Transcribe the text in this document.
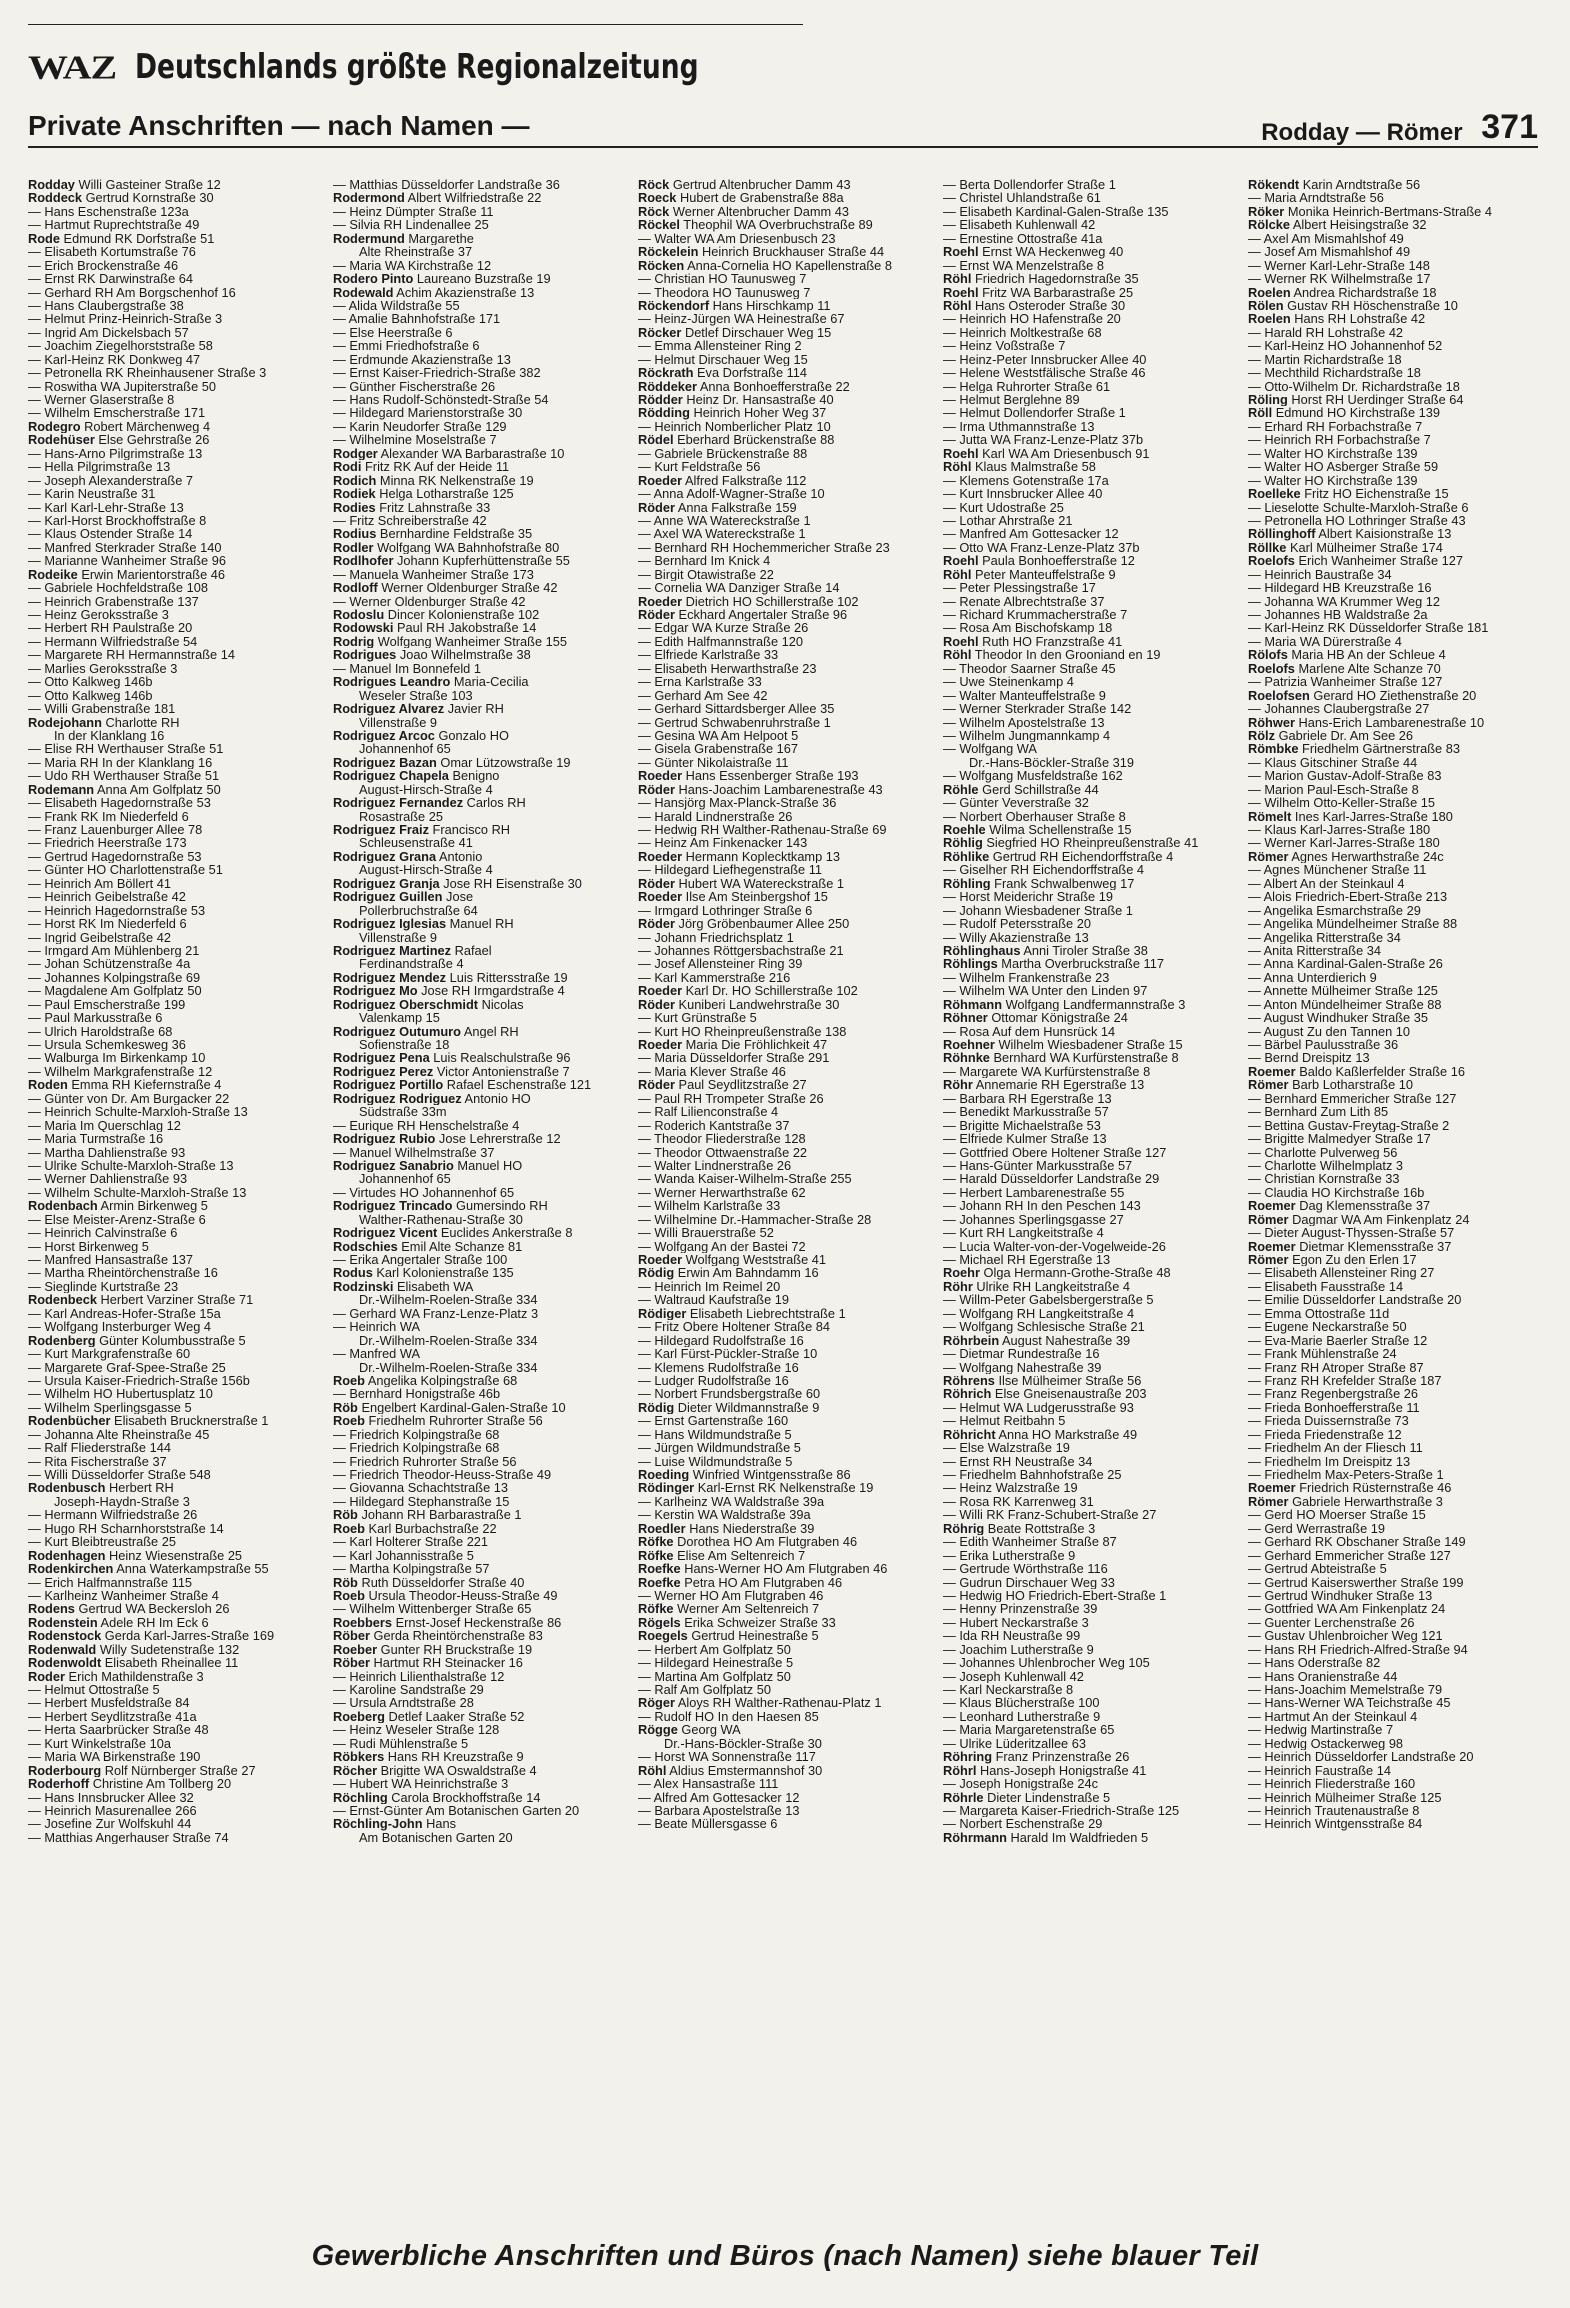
WAZ Deutschlands größte Regionalzeitung
Private Anschriften — nach Namen —	Rodday — Römer 371
Rodday Willi Gasteiner Straße 12
Roddeck Gertrud Kornstraße 30
— Hans Eschenstraße 123a
— Hartmut Ruprechtstraße 49
Rode Edmund RK Dorfstraße 51
— Elisabeth Kortumstraße 76
— Erich Brockenstraße 46
— Ernst RK Darwinstraße 64
— Gerhard RH Am Borgschenhof 16
— Hans Claubergstraße 38
— Helmut Prinz-Heinrich-Straße 3
— Ingrid Am Dickelsbach 57
— Joachim Ziegelhorststraße 58
— Karl-Heinz RK Donkweg 47
— Petronella RK Rheinhausener Straße 3
— Roswitha WA Jupiterstraße 50
— Werner Glaserstraße 8
— Wilhelm Emscherstraße 171
Rodegro Robert Märchenweg 4
Rodehüser Else Gehrstraße 26
— Hans-Arno Pilgrimstraße 13
— Hella Pilgrimstraße 13
— Joseph Alexanderstraße 7
— Karin Neustraße 31
— Karl Karl-Lehr-Straße 13
— Karl-Horst Brockhoffstraße 8
— Klaus Ostender Straße 14
— Manfred Sterkrader Straße 140
— Marianne Wanheimer Straße 96
Rodeike Erwin Marientorstraße 46
— Gabriele Hochfeldstraße 108
— Heinrich Grabenstraße 137
— Heinz Geroksstraße 3
— Herbert RH Paulstraße 20
— Hermann Wilfriedstraße 54
— Margarete RH Hermannstraße 14
— Marlies Geroksstraße 3
— Otto Kalkweg 146b
— Otto Kalkweg 146b
— Willi Grabenstraße 181
Rodejohann Charlotte RH
In der Klanklang 16
— Elise RH Werthauser Straße 51
— Maria RH In der Klanklang 16
— Udo RH Werthauser Straße 51
Rodemann Anna Am Golfplatz 50
— Elisabeth Hagedornstraße 53
— Frank RK Im Niederfeld 6
— Franz Lauenburger Allee 78
— Friedrich Heerstraße 173
— Gertrud Hagedornstraße 53
— Günter HO Charlottenstraße 51
— Heinrich Am Böllert 41
— Heinrich Geibelstraße 42
— Heinrich Hagedornstraße 53
— Horst RK Im Niederfeld 6
— Ingrid Geibelstraße 42
— Irmgard Am Mühlenberg 21
— Johan Schützenstraße 4a
— Johannes Kolpingstraße 69
— Magdalene Am Golfplatz 50
— Paul Emscherstraße 199
— Paul Markusstraße 6
— Ulrich Haroldstraße 68
— Ursula Schemkesweg 36
— Walburga Im Birkenkamp 10
— Wilhelm Markgrafenstraße 12
Roden Emma RH Kiefernstraße 4
— Günter von Dr. Am Burgacker 22
— Heinrich Schulte-Marxloh-Straße 13
— Maria Im Querschlag 12
— Maria Turmstraße 16
— Martha Dahlienstraße 93
— Ulrike Schulte-Marxloh-Straße 13
— Werner Dahlienstraße 93
— Wilhelm Schulte-Marxloh-Straße 13
Rodenbach Armin Birkenweg 5
— Else Meister-Arenz-Straße 6
— Heinrich Calvinstraße 6
— Horst Birkenweg 5
— Manfred Hansastraße 137
— Martha Rheintörchenstraße 16
— Sieglinde Kurtstraße 23
Rodenbeck Herbert Varziner Straße 71
— Karl Andreas-Hofer-Straße 15a
— Wolfgang Insterburger Weg 4
Rodenberg Günter Kolumbusstraße 5
— Kurt Markgrafenstraße 60
— Margarete Graf-Spee-Straße 25
— Ursula Kaiser-Friedrich-Straße 156b
— Wilhelm HO Hubertusplatz 10
— Wilhelm Sperlingsgasse 5
Rodenbücher Elisabeth Brucknerstraße 1
— Johanna Alte Rheinstraße 45
— Ralf Fliederstraße 144
— Rita Fischerstraße 37
— Willi Düsseldorfer Straße 548
Rodenbusch Herbert RH
Joseph-Haydn-Straße 3
— Hermann Wilfriedstraße 26
— Hugo RH Scharnhorststraße 14
— Kurt Bleibtreustraße 25
Rodenhagen Heinz Wiesenstraße 25
Rodenkirchen Anna Waterkampstraße 55
— Erich Halfmannstraße 115
— Karlheinz Wanheimer Straße 4
Rodens Gertrud WA Beckersloh 26
Rodenstein Adele RH Im Eck 6
Rodenstock Gerda Karl-Jarres-Straße 169
Rodenwald Willy Sudetenstraße 132
Rodenwoldt Elisabeth Rheinallee 11
Roder Erich Mathildenstraße 3
— Helmut Ottostraße 5
— Herbert Musfeldstraße 84
— Herbert Seydlitzstraße 41a
— Herta Saarbrücker Straße 48
— Kurt Winkelstraße 10a
— Maria WA Birkenstraße 190
Roderbourg Rolf Nürnberger Straße 27
Roderhoff Christine Am Tollberg 20
— Hans Innsbrucker Allee 32
— Heinrich Masurenallee 266
— Josefine Zur Wolfskuhl 44
— Matthias Angerhauser Straße 74
— Matthias Düsseldorfer Landstraße 36
Rodermond Albert Wilfriedstraße 22
— Heinz Dümpter Straße 11
— Silvia RH Lindenallee 25
Rodermund Margarethe
Alte Rheinstraße 37
— Maria WA Kirchstraße 12
Rodero Pinto Laureano Buzstraße 19
Rodewald Achim Akazienstraße 13
— Alida Wildstraße 55
— Amalie Bahnhofstraße 171
— Else Heerstraße 6
— Emmi Friedhofstraße 6
— Erdmunde Akazienstraße 13
— Ernst Kaiser-Friedrich-Straße 382
— Günther Fischerstraße 26
— Hans Rudolf-Schönstedt-Straße 54
— Hildegard Marienstorstraße 30
— Karin Neudorfer Straße 129
— Wilhelmine Moselstraße 7
Rodger Alexander WA Barbarastraße 10
Rodi Fritz RK Auf der Heide 11
Rodich Minna RK Nelkenstraße 19
Rodiek Helga Lotharstraße 125
Rodies Fritz Lahnstraße 33
— Fritz Schreiberstraße 42
Rodius Bernhardine Feldstraße 35
Rodler Wolfgang WA Bahnhofstraße 80
Rodlhofer Johann Kupferhüttenstraße 55
— Manuela Wanheimer Straße 173
Rodloff Werner Oldenburger Straße 42
— Werner Oldenburger Straße 42
Rodoslu Dincer Kolonienstraße 102
Rodowski Paul RH Jakobstraße 14
Rodrig Wolfgang Wanheimer Straße 155
Rodrigues Joao Wilhelmstraße 38
— Manuel Im Bonnefeld 1
Rodrigues Leandro Maria-Cecilia
Weseler Straße 103
Rodriguez Alvarez Javier RH
Villenstraße 9
Rodriguez Arcoc Gonzalo HO
Johannenhof 65
Rodriguez Bazan Omar Lützowstraße 19
Rodriguez Chapela Benigno
August-Hirsch-Straße 4
Rodriguez Fernandez Carlos RH
Rosastraße 25
Rodriguez Fraiz Francisco RH
Schleusenstraße 41
Rodriguez Grana Antonio
August-Hirsch-Straße 4
Rodriguez Granja Jose RH Eisenstraße 30
Rodriguez Guillen Jose
Pollerbruchstraße 64
Rodriguez Iglesias Manuel RH
Villenstraße 9
Rodriguez Martinez Rafael
Ferdinandstraße 4
Rodriguez Mendez Luis Rittersstraße 19
Rodriguez Mo Jose RH Irmgardstraße 4
Rodriguez Oberschmidt Nicolas
Valenkamp 15
Rodriguez Outumuro Angel RH
Sofienstraße 18
Rodriguez Pena Luis Realschulstraße 96
Rodriguez Perez Victor Antonienstraße 7
Rodriguez Portillo Rafael Eschenstraße 121
Rodriguez Rodriguez Antonio HO
Südstraße 33m
— Eurique RH Henschelstraße 4
Rodriguez Rubio Jose Lehrerstraße 12
— Manuel Wilhelmstraße 37
Rodriguez Sanabrio Manuel HO
Johannenhof 65
— Virtudes HO Johannenhof 65
Rodriguez Trincado Gumersindo RH
Walther-Rathenau-Straße 30
Rodriguez Vicent Euclides Ankerstraße 8
Rodschies Emil Alte Schanze 81
— Erika Angertaler Straße 100
Rodus Karl Kolonienstraße 135
Rodzinski Elisabeth WA
Dr.-Wilhelm-Roelen-Straße 334
— Gerhard WA Franz-Lenze-Platz 3
— Heinrich WA
Dr.-Wilhelm-Roelen-Straße 334
— Manfred WA
Dr.-Wilhelm-Roelen-Straße 334
Roeb Angelika Kolpingstraße 68
— Bernhard Honigstraße 46b
Röb Engelbert Kardinal-Galen-Straße 10
Roeb Friedhelm Ruhrorter Straße 56
— Friedrich Kolpingstraße 68
— Friedrich Kolpingstraße 68
— Friedrich Ruhrorter Straße 56
— Friedrich Theodor-Heuss-Straße 49
— Giovanna Schachtstraße 13
— Hildegard Stephanstraße 15
Röb Johann RH Barbarastraße 1
Roeb Karl Burbachstraße 22
— Karl Holterer Straße 221
— Karl Johannisstraße 5
— Martha Kolpingstraße 57
Röb Ruth Düsseldorfer Straße 40
Roeb Ursula Theodor-Heuss-Straße 49
— Wilhelm Wittenberger Straße 65
Roebbers Ernst-Josef Heckenstraße 86
Röber Gerda Rheintörchenstraße 83
Roeber Gunter RH Bruckstraße 19
Röber Hartmut RH Steinacker 16
— Heinrich Lilienthalstraße 12
— Karoline Sandstraße 29
— Ursula Arndtstraße 28
Roeberg Detlef Laaker Straße 52
— Heinz Weseler Straße 128
— Rudi Mühlenstraße 5
Röbkers Hans RH Kreuzstraße 9
Röcher Brigitte WA Oswaldstraße 4
— Hubert WA Heinrichstraße 3
Röchling Carola Brockhoffstraße 14
— Ernst-Günter Am Botanischen Garten 20
Röchling-John Hans
Am Botanischen Garten 20
Röck Gertrud Altenbrucher Damm 43
Roeck Hubert de Grabenstraße 88a
Röck Werner Altenbrucher Damm 43
Röckel Theophil WA Overbruchstraße 89
— Walter WA Am Driesenbusch 23
Röckelein Heinrich Bruckhauser Straße 44
Röcken Anna-Cornelia HO Kapellenstraße 8
— Christian HO Taunusweg 7
— Theodora HO Taunusweg 7
Röckendorf Hans Hirschkamp 11
— Heinz-Jürgen WA Heinestraße 67
Röcker Detlef Dirschauer Weg 15
— Emma Allensteiner Ring 2
— Helmut Dirschauer Weg 15
Röckrath Eva Dorfstraße 114
Röddeker Anna Bonhoefferstraße 22
Rödder Heinz Dr. Hansastraße 40
Rödding Heinrich Hoher Weg 37
— Heinrich Nomberlicher Platz 10
Rödel Eberhard Brückenstraße 88
— Gabriele Brückenstraße 88
— Kurt Feldstraße 56
Roeder Alfred Falkstraße 112
— Anna Adolf-Wagner-Straße 10
Röder Anna Falkstraße 159
— Anne WA Watereckstraße 1
— Axel WA Watereckstraße 1
— Bernhard RH Hochemmericher Straße 23
— Bernhard Im Knick 4
— Birgit Otawistraße 22
— Cornelia WA Danziger Straße 14
Roeder Dietrich HO Schillerstraße 102
Röder Eckhard Angertaler Straße 96
— Edgar WA Kurze Straße 26
— Edith Halfmannstraße 120
— Elfriede Karlstraße 33
— Elisabeth Herwarthstraße 23
— Erna Karlstraße 33
— Gerhard Am See 42
— Gerhard Sittardsberger Allee 35
— Gertrud Schwabenruhrstraße 1
— Gesina WA Am Helpoot 5
— Gisela Grabenstraße 167
— Günter Nikolaistraße 11
Roeder Hans Essenberger Straße 193
Röder Hans-Joachim Lambarenestraße 43
— Hansjörg Max-Planck-Straße 36
— Harald Lindnerstraße 26
— Hedwig RH Walther-Rathenau-Straße 69
— Heinz Am Finkenacker 143
Roeder Hermann Koplecktkamp 13
— Hildegard Liefhegenstraße 11
Röder Hubert WA Watereckstraße 1
Roeder Ilse Am Steinbergshof 15
— Irmgard Lothringer Straße 6
Röder Jörg Gröbenbaumer Allee 250
— Johann Friedrichsplatz 1
— Johannes Röttgersbachstraße 21
— Josef Allensteiner Ring 39
— Karl Kammerstraße 216
Roeder Karl Dr. HO Schillerstraße 102
Röder Kuniberi Landwehrstraße 30
— Kurt Grünstraße 5
— Kurt HO Rheinpreußenstraße 138
Roeder Maria Die Fröhlichkeit 47
— Maria Düsseldorfer Straße 291
— Maria Klever Straße 46
Röder Paul Seydlitzstraße 27
— Paul RH Trompeter Straße 26
— Ralf Lilienconstraße 4
— Roderich Kantstraße 37
— Theodor Fliederstraße 128
— Theodor Ottwaenstraße 22
— Walter Lindnerstraße 26
— Wanda Kaiser-Wilhelm-Straße 255
— Werner Herwarthstraße 62
— Wilhelm Karlstraße 33
— Wilhelmine Dr.-Hammacher-Straße 28
— Willi Brauerstraße 52
— Wolfgang An der Bastei 72
Roeder Wolfgang Weststraße 41
Rödig Erwin Am Bahndamm 16
— Heinrich Im Reimel 20
— Waltraud Kaufstraße 19
Rödiger Elisabeth Liebrechtstraße 1
— Fritz Obere Holtener Straße 84
— Hildegard Rudolfstraße 16
— Karl Fürst-Pückler-Straße 10
— Klemens Rudolfstraße 16
— Ludger Rudolfstraße 16
— Norbert Frundsbergstraße 60
Rödig Dieter Wildmannstraße 9
— Ernst Gartenstraße 160
— Hans Wildmundstraße 5
— Jürgen Wildmundstraße 5
— Luise Wildmundstraße 5
Roeding Winfried Wintgensstraße 86
Rödinger Karl-Ernst RK Nelkenstraße 19
— Karlheinz WA Waldstraße 39a
— Kerstin WA Waldstraße 39a
Roedler Hans Niederstraße 39
Röfke Dorothea HO Am Flutgraben 46
Röfke Elise Am Seltenreich 7
Roefke Hans-Werner HO Am Flutgraben 46
Roefke Petra HO Am Flutgraben 46
— Werner HO Am Flutgraben 46
Röfke Werner Am Seltenreich 7
Rögels Erika Schweizer Straße 33
Roegels Gertrud Heinestraße 5
— Herbert Am Golfplatz 50
— Hildegard Heinestraße 5
— Martina Am Golfplatz 50
— Ralf Am Golfplatz 50
Röger Aloys RH Walther-Rathenau-Platz 1
— Rudolf HO In den Haesen 85
Rögge Georg WA
Dr.-Hans-Böckler-Straße 30
— Horst WA Sonnenstraße 117
Röhl Aldius Emstermannshof 30
— Alex Hansastraße 111
— Alfred Am Gottesacker 12
— Barbara Apostelstraße 13
— Beate Müllersgasse 6
— Berta Dollendorfer Straße 1
— Christel Uhlandstraße 61
— Elisabeth Kardinal-Galen-Straße 135
— Elisabeth Kuhlenwall 42
— Ernestine Ottostraße 41a
Roehl Ernst WA Heckenweg 40
— Ernst WA Menzelstraße 8
Röhl Friedrich Hagedornstraße 35
Roehl Fritz WA Barbarastraße 25
Röhl Hans Osteroder Straße 30
— Heinrich HO Hafenstraße 20
— Heinrich Moltkestraße 68
— Heinz Voßstraße 7
— Heinz-Peter Innsbrucker Allee 40
— Helene Weststfälische Straße 46
— Helga Ruhrorter Straße 61
— Helmut Berglehne 89
— Helmut Dollendorfer Straße 1
— Irma Uthmannstraße 13
— Jutta WA Franz-Lenze-Platz 37b
Roehl Karl WA Am Driesenbusch 91
Röhl Klaus Malmstraße 58
— Klemens Gotenstraße 17a
— Kurt Innsbrucker Allee 40
— Kurt Udostraße 25
— Lothar Ahrstraße 21
— Manfred Am Gottesacker 12
— Otto WA Franz-Lenze-Platz 37b
Roehl Paula Bonhoefferstraße 12
Röhl Peter Manteuffelstraße 9
— Peter Plessingstraße 17
— Renate Albrechtstraße 37
— Richard Krummacherstraße 7
— Rosa Am Bischofskamp 18
Roehl Ruth HO Franzstraße 41
Röhl Theodor In den Grooniand en 19
— Theodor Saarner Straße 45
— Uwe Steinenkamp 4
— Walter Manteuffelstraße 9
— Werner Sterkrader Straße 142
— Wilhelm Apostelstraße 13
— Wilhelm Jungmannkamp 4
— Wolfgang WA
Dr.-Hans-Böckler-Straße 319
— Wolfgang Musfeldstraße 162
Röhle Gerd Schillstraße 44
— Günter Veverstraße 32
— Norbert Oberhauser Straße 8
Roehle Wilma Schellenstraße 15
Röhlig Siegfried HO Rheinpreußenstraße 41
Röhlike Gertrud RH Eichendorffstraße 4
— Giselher RH Eichendorffstraße 4
Röhling Frank Schwalbenweg 17
— Horst Meiderichr Straße 19
— Johann Wiesbadener Straße 1
— Rudolf Petersstraße 20
— Willy Akazienstraße 13
Röhlinghaus Anni Tiroler Straße 38
Röhlings Martha Overbruckstraße 117
— Wilhelm Frankenstraße 23
— Wilhelm WA Unter den Linden 97
Röhmann Wolfgang Landfermannstraße 3
Röhner Ottomar Königstraße 24
— Rosa Auf dem Hunsrück 14
Roehner Wilhelm Wiesbadener Straße 15
Röhnke Bernhard WA Kurfürstenstraße 8
— Margarete WA Kurfürstenstraße 8
Röhr Annemarie RH Egerstraße 13
— Barbara RH Egerstraße 13
— Benedikt Markusstraße 57
— Brigitte Michaelstraße 53
— Elfriede Kulmer Straße 13
— Gottfried Obere Holtener Straße 127
— Hans-Günter Markusstraße 57
— Harald Düsseldorfer Landstraße 29
— Herbert Lambarenestraße 55
— Johann RH In den Peschen 143
— Johannes Sperlingsgasse 27
— Kurt RH Langkeitstraße 4
— Lucia Walter-von-der-Vogelweide-26
— Michael RH Egerstraße 13
Roehr Olga Hermann-Grothe-Straße 48
Röhr Ulrike RH Langkeitstraße 4
— Willm-Peter Gabelsbergerstraße 5
— Wolfgang RH Langkeitstraße 4
— Wolfgang Schlesische Straße 21
Röhrbein August Nahestraße 39
— Dietmar Rundestraße 16
— Wolfgang Nahestraße 39
Röhrens Ilse Mülheimer Straße 56
Röhrich Else Gneisenaustraße 203
— Helmut WA Ludgerusstraße 93
— Helmut Reitbahn 5
Röhricht Anna HO Markstraße 49
— Else Walzstraße 19
— Ernst RH Neustraße 34
— Friedhelm Bahnhofstraße 25
— Heinz Walzstraße 19
— Rosa RK Karrenweg 31
— Willi RK Franz-Schubert-Straße 27
Röhrig Beate Rottstraße 3
— Edith Wanheimer Straße 87
— Erika Lutherstraße 9
— Gertrude Wörthstraße 116
— Gudrun Dirschauer Weg 33
— Hedwig HO Friedrich-Ebert-Straße 1
— Henny Prinzenstraße 39
— Hubert Neckarstraße 3
— Ida RH Neustraße 99
— Joachim Lutherstraße 9
— Johannes Uhlenbrocher Weg 105
— Joseph Kuhlenwall 42
— Karl Neckarstraße 8
— Klaus Blücherstraße 100
— Leonhard Lutherstraße 9
— Maria Margaretenstraße 65
— Ulrike Lüderitzallee 63
Röhring Franz Prinzenstraße 26
Röhrl Hans-Joseph Honigstraße 41
— Joseph Honigstraße 24c
Röhrle Dieter Lindenstraße 5
— Margareta Kaiser-Friedrich-Straße 125
— Norbert Eschenstraße 29
Röhrmann Harald Im Waldfrieden 5
Rökendt Karin Arndtstraße 56
— Maria Arndtstraße 56
Röker Monika Heinrich-Bertmans-Straße 4
Rölcke Albert Heisingstraße 32
— Axel Am Mismahlshof 49
— Josef Am Mismahlshof 49
— Werner Karl-Lehr-Straße 148
— Werner RK Wilhelmstraße 17
Roelen Andrea Richardstraße 18
Rölen Gustav RH Höschenstraße 10
Roelen Hans RH Lohstraße 42
— Harald RH Lohstraße 42
— Karl-Heinz HO Johannenhof 52
— Martin Richardstraße 18
— Mechthild Richardstraße 18
— Otto-Wilhelm Dr. Richardstraße 18
Röling Horst RH Uerdinger Straße 64
Röll Edmund HO Kirchstraße 139
— Erhard RH Forbachstraße 7
— Heinrich RH Forbachstraße 7
— Walter HO Kirchstraße 139
— Walter HO Asberger Straße 59
— Walter HO Kirchstraße 139
Roelleke Fritz HO Eichenstraße 15
— Lieselotte Schulte-Marxloh-Straße 6
— Petronella HO Lothringer Straße 43
Röllinghoff Albert Kaisionstraße 13
Röllke Karl Mülheimer Straße 174
Roelofs Erich Wanheimer Straße 127
— Heinrich Baustraße 34
— Hildegard HB Kreuzstraße 16
— Johanna WA Krummer Weg 12
— Johannes HB Waldstraße 2a
— Karl-Heinz RK Düsseldorfer Straße 181
— Maria WA Dürerstraße 4
Rölofs Maria HB An der Schleue 4
Roelofs Marlene Alte Schanze 70
— Patrizia Wanheimer Straße 127
Roelofsen Gerard HO Ziethenstraße 20
— Johannes Claubergstraße 27
Röhwer Hans-Erich Lambarenestraße 10
Rölz Gabriele Dr. Am See 26
Römbke Friedhelm Gärtnerstraße 83
— Klaus Gitschiner Straße 44
— Marion Gustav-Adolf-Straße 83
— Marion Paul-Esch-Straße 8
— Wilhelm Otto-Keller-Straße 15
Römelt Ines Karl-Jarres-Straße 180
— Klaus Karl-Jarres-Straße 180
— Werner Karl-Jarres-Straße 180
Römer Agnes Herwarthstraße 24c
— Agnes Münchener Straße 11
— Albert An der Steinkaul 4
— Alois Friedrich-Ebert-Straße 213
— Angelika Esmarchstraße 29
— Angelika Mündelheimer Straße 88
— Angelika Ritterstraße 34
— Anita Ritterstraße 34
— Anna Kardinal-Galen-Straße 26
— Anna Unterdierich 9
— Annette Mülheimer Straße 125
— Anton Mündelheimer Straße 88
— August Windhuker Straße 35
— August Zu den Tannen 10
— Bärbel Paulusstraße 36
— Bernd Dreispitz 13
Roemer Baldo Kaßlerfelder Straße 16
Römer Barb Lotharstraße 10
— Bernhard Emmericher Straße 127
— Bernhard Zum Lith 85
— Bettina Gustav-Freytag-Straße 2
— Brigitte Malmedyer Straße 17
— Charlotte Pulverweg 56
— Charlotte Wilhelmplatz 3
— Christian Kornstraße 33
— Claudia HO Kirchstraße 16b
Roemer Dag Klemensstraße 37
Römer Dagmar WA Am Finkenplatz 24
— Dieter August-Thyssen-Straße 57
Roemer Dietmar Klemensstraße 37
Römer Egon Zu den Erlen 17
— Elisabeth Allensteiner Ring 27
— Elisabeth Fausstraße 14
— Emilie Düsseldorfer Landstraße 20
— Emma Ottostraße 11d
— Eugene Neckarstraße 50
— Eva-Marie Baerler Straße 12
— Frank Mühlenstraße 24
— Franz RH Atroper Straße 87
— Franz RH Krefelder Straße 187
— Franz Regenbergstraße 26
— Frieda Bonhoefferstraße 11
— Frieda Duissernstraße 73
— Frieda Friedenstraße 12
— Friedhelm An der Fliesch 11
— Friedhelm Im Dreispitz 13
— Friedhelm Max-Peters-Straße 1
Roemer Friedrich Rüsternstraße 46
Römer Gabriele Herwarthstraße 3
— Gerd HO Moerser Straße 15
— Gerd Werrastraße 19
— Gerhard RK Obschaner Straße 149
— Gerhard Emmericher Straße 127
— Gertrud Abteistraße 5
— Gertrud Kaiserswerther Straße 199
— Gertrud Windhuker Straße 13
— Gottfried WA Am Finkenplatz 24
— Guenter Lerchenstraße 26
— Gustav Uhlenbroicher Weg 121
— Hans RH Friedrich-Alfred-Straße 94
— Hans Oderstraße 82
— Hans Oranienstraße 44
— Hans-Joachim Memelstraße 79
— Hans-Werner WA Teichstraße 45
— Hartmut An der Steinkaul 4
— Hedwig Martinstraße 7
— Hedwig Ostackerweg 98
— Heinrich Düsseldorfer Landstraße 20
— Heinrich Faustraße 14
— Heinrich Fliederstraße 160
— Heinrich Mülheimer Straße 125
— Heinrich Trautenaustraße 8
— Heinrich Wintgensstraße 84
Gewerbliche Anschriften und Büros (nach Namen) siehe blauer Teil
